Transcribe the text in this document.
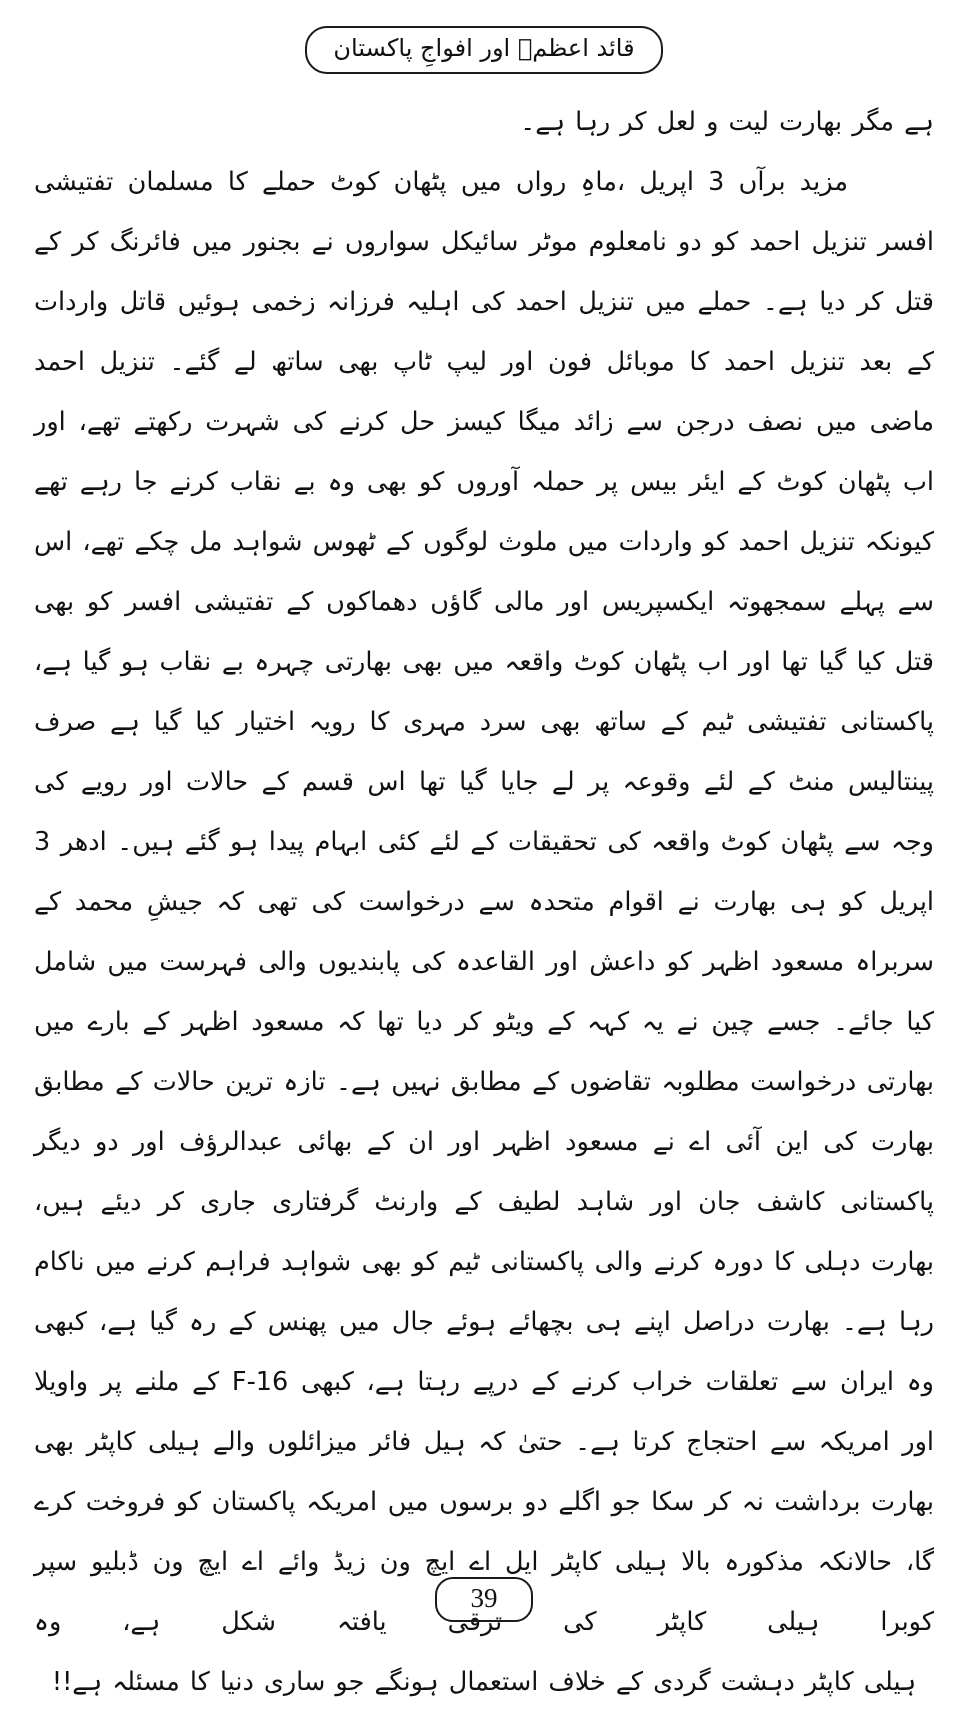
قائد اعظمؒ اور افواجِ پاکستان

ہے مگر بھارت لیت و لعل کر رہا ہے۔

مزید برآں 3 اپریل ،ماہِ رواں میں پٹھان کوٹ حملے کا مسلمان تفتیشی افسر تنزیل احمد کو دو نامعلوم موٹر سائیکل سواروں نے بجنور میں فائرنگ کر کے قتل کر دیا ہے۔ حملے میں تنزیل احمد کی اہلیہ فرزانہ زخمی ہوئیں قاتل واردات کے بعد تنزیل احمد کا موبائل فون اور لیپ ٹاپ بھی ساتھ لے گئے۔ تنزیل احمد ماضی میں نصف درجن سے زائد میگا کیسز حل کرنے کی شہرت رکھتے تھے، اور اب پٹھان کوٹ کے ایئر بیس پر حملہ آوروں کو بھی وہ بے نقاب کرنے جا رہے تھے کیونکہ تنزیل احمد کو واردات میں ملوث لوگوں کے ٹھوس شواہد مل چکے تھے، اس سے پہلے سمجھوتہ ایکسپریس اور مالی گاؤں دھماکوں کے تفتیشی افسر کو بھی قتل کیا گیا تھا اور اب پٹھان کوٹ واقعہ میں بھی بھارتی چہرہ بے نقاب ہو گیا ہے، پاکستانی تفتیشی ٹیم کے ساتھ بھی سرد مہری کا رویہ اختیار کیا گیا ہے صرف پینتالیس منٹ کے لئے وقوعہ پر لے جایا گیا تھا اس قسم کے حالات اور رویے کی وجہ سے پٹھان کوٹ واقعہ کی تحقیقات کے لئے کئی ابہام پیدا ہو گئے ہیں۔ ادھر 3 اپریل کو ہی بھارت نے اقوام متحدہ سے درخواست کی تھی کہ جیشِ محمد کے سربراہ مسعود اظہر کو داعش اور القاعدہ کی پابندیوں والی فہرست میں شامل کیا جائے۔ جسے چین نے یہ کہہ کے ویٹو کر دیا تھا کہ مسعود اظہر کے بارے میں بھارتی درخواست مطلوبہ تقاضوں کے مطابق نہیں ہے۔ تازہ ترین حالات کے مطابق بھارت کی این آئی اے نے مسعود اظہر اور ان کے بھائی عبدالرؤف اور دو دیگر پاکستانی کاشف جان اور شاہد لطیف کے وارنٹ گرفتاری جاری کر دیئے ہیں، بھارت دہلی کا دورہ کرنے والی پاکستانی ٹیم کو بھی شواہد فراہم کرنے میں ناکام رہا ہے۔ بھارت دراصل اپنے ہی بچھائے ہوئے جال میں پھنس کے رہ گیا ہے، کبھی وہ ایران سے تعلقات خراب کرنے کے درپے رہتا ہے، کبھی F-16 کے ملنے پر واویلا اور امریکہ سے احتجاج کرتا ہے۔ حتیٰ کہ ہیل فائر میزائلوں والے ہیلی کاپٹر بھی بھارت برداشت نہ کر سکا جو اگلے دو برسوں میں امریکہ پاکستان کو فروخت کرے گا، حالانکہ مذکورہ بالا ہیلی کاپٹر ایل اے ایچ ون زیڈ وائے اے ایچ ون ڈبلیو سپر کوبرا ہیلی کاپٹر کی ترقی یافتہ شکل ہے، وہ

ہیلی کاپٹر دہشت گردی کے خلاف استعمال ہونگے جو ساری دنیا کا مسئلہ ہے!!

39
